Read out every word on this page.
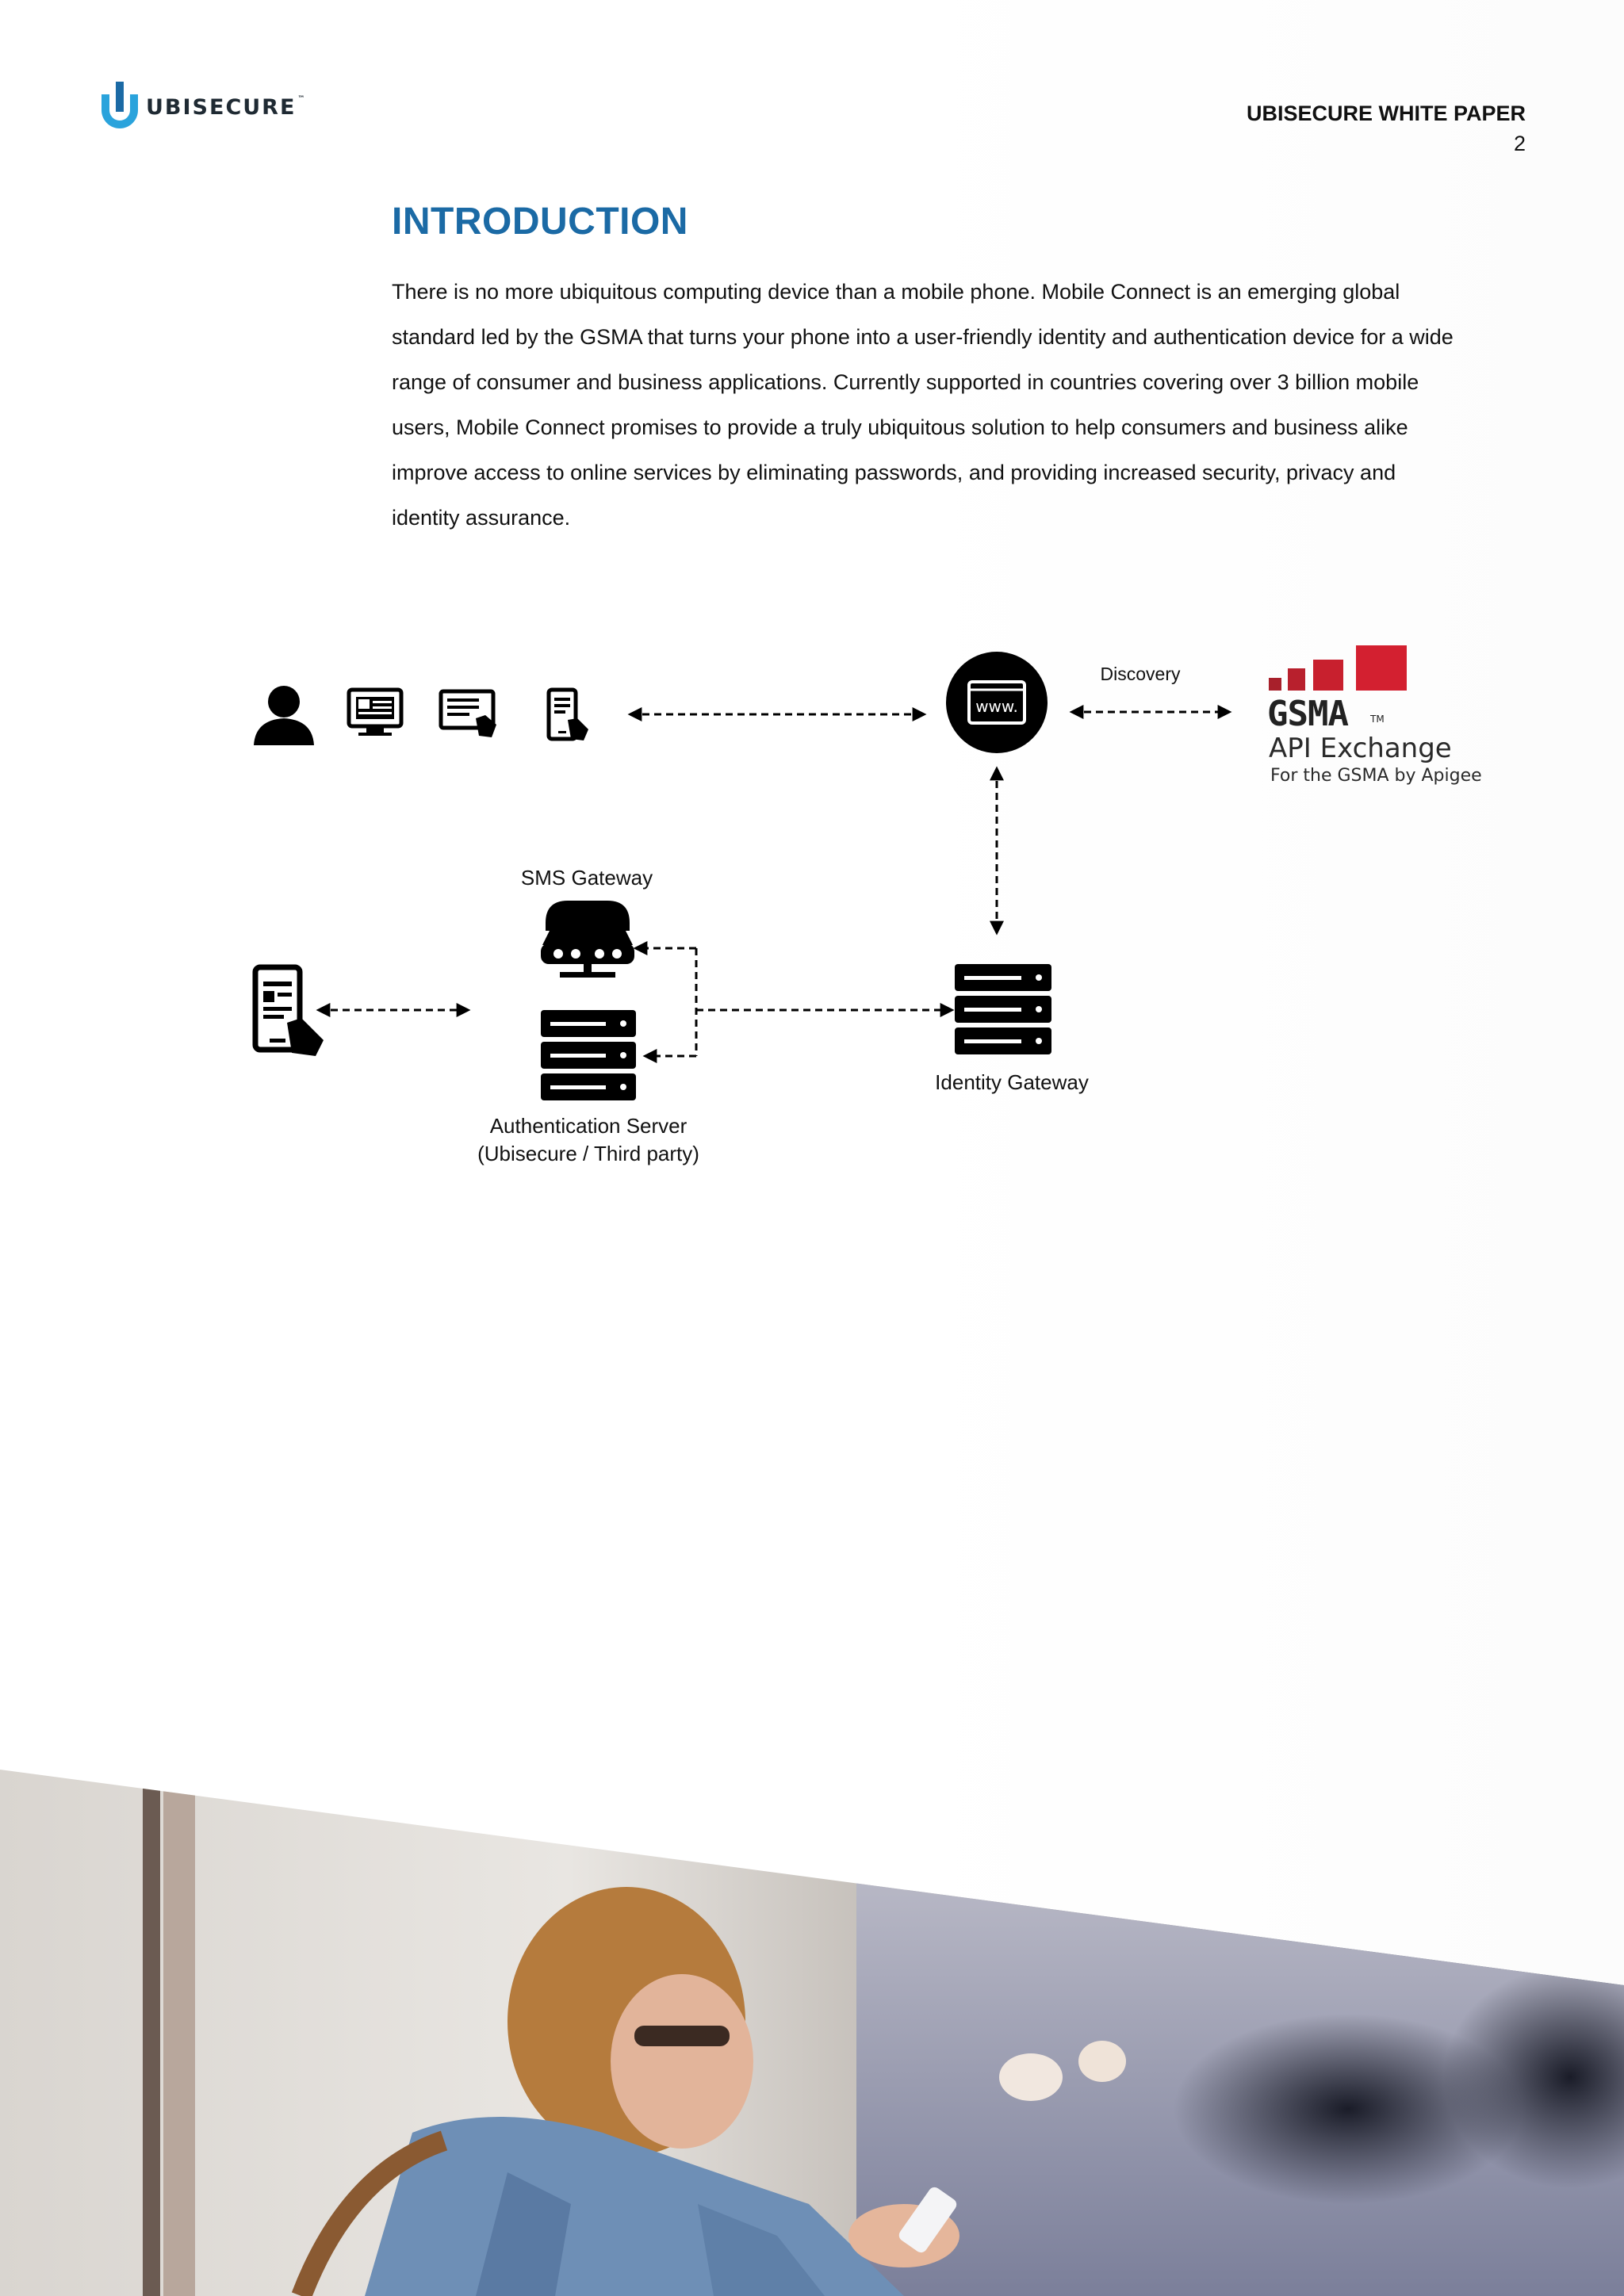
UBISECURE ™
UBISECURE WHITE PAPER
2
INTRODUCTION

There is no more ubiquitous computing device than a mobile phone. Mobile Connect is an emerging global standard led by the GSMA that turns your phone into a user-friendly identity and authentication device for a wide range of consumer and business applications. Currently supported in countries covering over 3 billion mobile users, Mobile Connect promises to provide a truly ubiquitous solution to help consumers and business alike improve access to online services by eliminating passwords, and providing increased security, privacy and identity assurance.

www.
Discovery
GSMA TM
API Exchange
For the GSMA by Apigee
SMS Gateway
Authentication Server
(Ubisecure / Third party)
Identity Gateway
